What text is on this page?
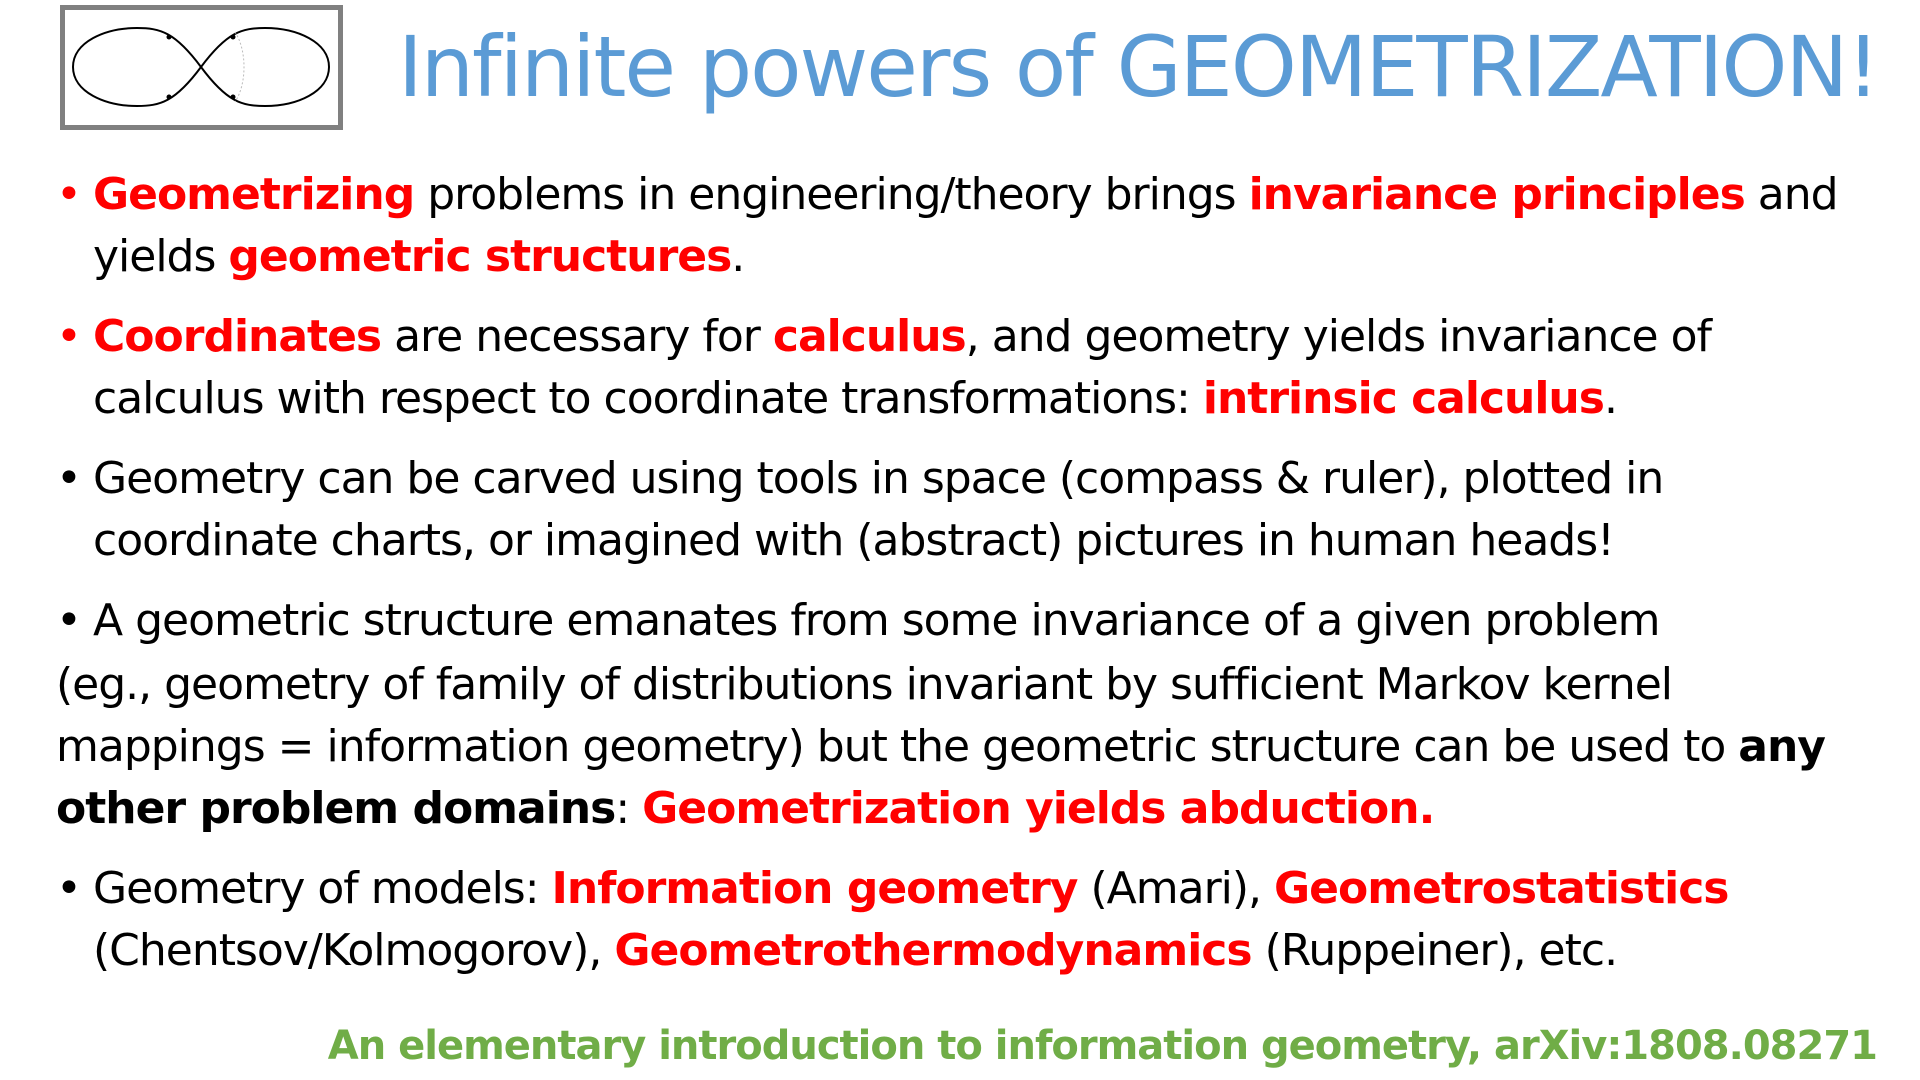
Infinite powers of GEOMETRIZATION!

• Geometrizing problems in engineering/theory brings invariance principles and yields geometric structures.

• Coordinates are necessary for calculus, and geometry yields invariance of calculus with respect to coordinate transformations: intrinsic calculus.

• Geometry can be carved using tools in space (compass & ruler), plotted in coordinate charts, or imagined with (abstract) pictures in human heads!

• A geometric structure emanates from some invariance of a given problem

(eg., geometry of family of distributions invariant by sufficient Markov kernel mappings = information geometry) but the geometric structure can be used to any other problem domains: Geometrization yields abduction.

• Geometry of models: Information geometry (Amari), Geometrostatistics (Chentsov/Kolmogorov), Geometrothermodynamics (Ruppeiner), etc.

An elementary introduction to information geometry, arXiv:1808.08271
